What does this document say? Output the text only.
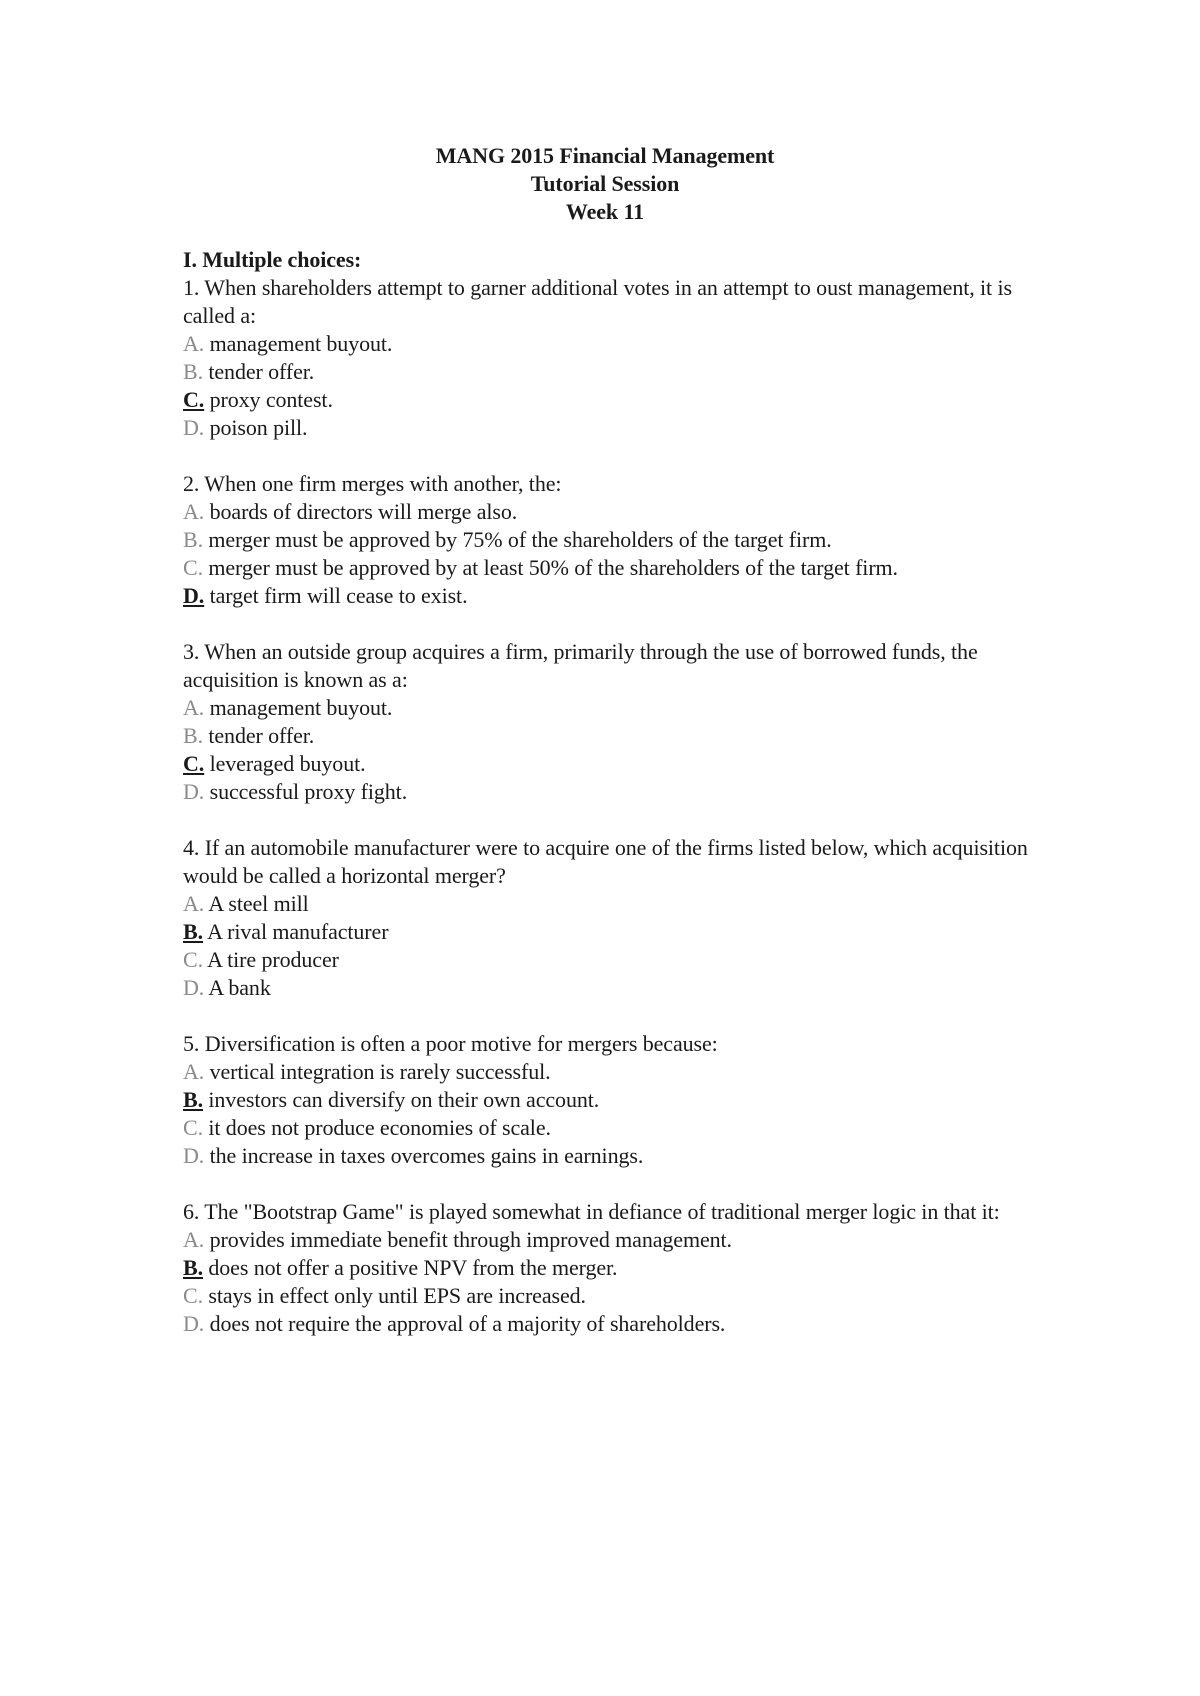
MANG 2015 Financial Management
Tutorial Session
Week 11
I. Multiple choices:
1. When shareholders attempt to garner additional votes in an attempt to oust management, it is called a:
A. management buyout.
B. tender offer.
C. proxy contest.
D. poison pill.
2. When one firm merges with another, the:
A. boards of directors will merge also.
B. merger must be approved by 75% of the shareholders of the target firm.
C. merger must be approved by at least 50% of the shareholders of the target firm.
D. target firm will cease to exist.
3. When an outside group acquires a firm, primarily through the use of borrowed funds, the acquisition is known as a:
A. management buyout.
B. tender offer.
C. leveraged buyout.
D. successful proxy fight.
4. If an automobile manufacturer were to acquire one of the firms listed below, which acquisition would be called a horizontal merger?
A. A steel mill
B. A rival manufacturer
C. A tire producer
D. A bank
5. Diversification is often a poor motive for mergers because:
A. vertical integration is rarely successful.
B. investors can diversify on their own account.
C. it does not produce economies of scale.
D. the increase in taxes overcomes gains in earnings.
6. The "Bootstrap Game" is played somewhat in defiance of traditional merger logic in that it:
A. provides immediate benefit through improved management.
B. does not offer a positive NPV from the merger.
C. stays in effect only until EPS are increased.
D. does not require the approval of a majority of shareholders.
